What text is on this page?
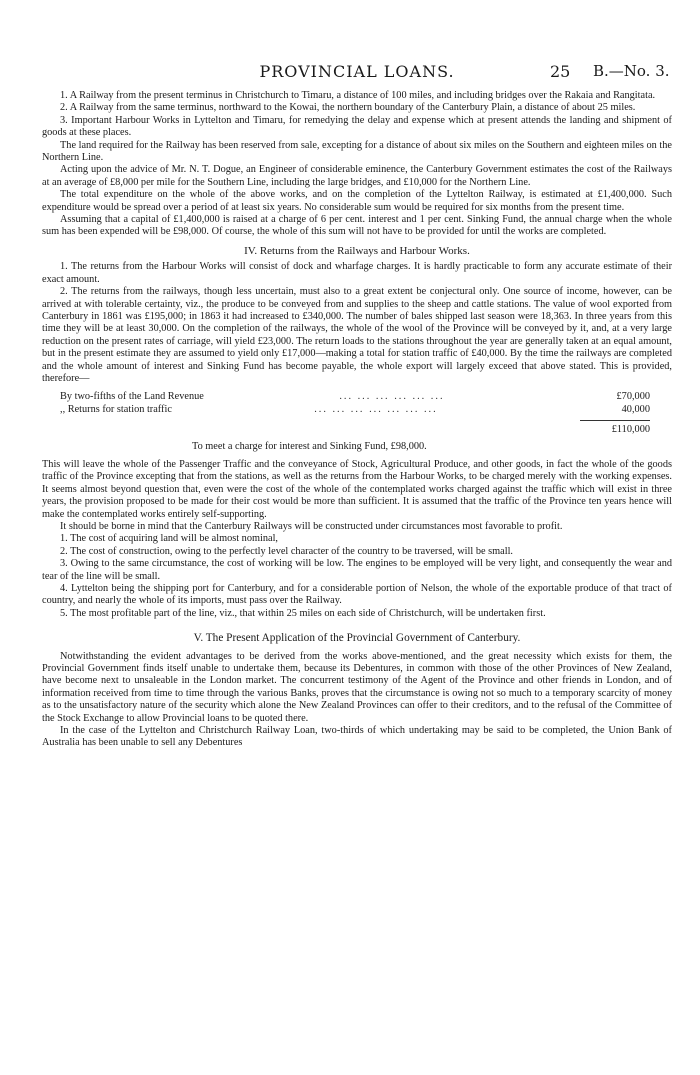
PROVINCIAL LOANS.	25 B.—No. 3.

1. A Railway from the present terminus in Christchurch to Timaru, a distance of 100 miles, and including bridges over the Rakaia and Rangitata.

2. A Railway from the same terminus, northward to the Kowai, the northern boundary of the Canterbury Plain, a distance of about 25 miles.

3. Important Harbour Works in Lyttelton and Timaru, for remedying the delay and expense which at present attends the landing and shipment of goods at these places.

The land required for the Railway has been reserved from sale, excepting for a distance of about six miles on the Southern and eighteen miles on the Northern Line.

Acting upon the advice of Mr. N. T. Dogue, an Engineer of considerable eminence, the Canterbury Government estimates the cost of the Railways at an average of £8,000 per mile for the Southern Line, including the large bridges, and £10,000 for the Northern Line.

The total expenditure on the whole of the above works, and on the completion of the Lyttelton Railway, is estimated at £1,400,000. Such expenditure would be spread over a period of at least six years. No considerable sum would be required for six months from the present time.

Assuming that a capital of £1,400,000 is raised at a charge of 6 per cent. interest and 1 per cent. Sinking Fund, the annual charge when the whole sum has been expended will be £98,000. Of course, the whole of this sum will not have to be provided for until the works are completed.

IV. Returns from the Railways and Harbour Works.

1. The returns from the Harbour Works will consist of dock and wharfage charges. It is hardly practicable to form any accurate estimate of their exact amount.

2. The returns from the railways, though less uncertain, must also to a great extent be conjectural only. One source of income, however, can be arrived at with tolerable certainty, viz., the produce to be conveyed from and supplies to the sheep and cattle stations. The value of wool exported from Canterbury in 1861 was £195,000; in 1863 it had increased to £340,000. The number of bales shipped last season were 18,363. In three years from this time they will be at least 30,000. On the completion of the railways, the whole of the wool of the Province will be conveyed by it, and, at a very large reduction on the present rates of carriage, will yield £23,000. The return loads to the stations throughout the year are generally taken at an equal amount, but in the present estimate they are assumed to yield only £17,000—making a total for station traffic of £40,000. By the time the railways are completed and the whole amount of interest and Sinking Fund has become payable, the whole export will largely exceed that above stated. This is provided, therefore—

By two-fifths of the Land Revenue	... ... ... ... ... ...	£70,000
,, Returns for station traffic	... ... ... ... ... ... ...	40,000
£110,000
To meet a charge for interest and Sinking Fund, £98,000.

This will leave the whole of the Passenger Traffic and the conveyance of Stock, Agricultural Produce, and other goods, in fact the whole of the goods traffic of the Province excepting that from the stations, as well as the returns from the Harbour Works, to be charged merely with the working expenses. It seems almost beyond question that, even were the cost of the whole of the contemplated works charged against the traffic which will exist in three years, the provision proposed to be made for their cost would be more than sufficient. It is assumed that the traffic of the Province ten years hence will make the contemplated works entirely self-supporting.

It should be borne in mind that the Canterbury Railways will be constructed under circumstances most favorable to profit.

1. The cost of acquiring land will be almost nominal,

2. The cost of construction, owing to the perfectly level character of the country to be traversed, will be small.

3. Owing to the same circumstance, the cost of working will be low. The engines to be employed will be very light, and consequently the wear and tear of the line will be small.

4. Lyttelton being the shipping port for Canterbury, and for a considerable portion of Nelson, the whole of the exportable produce of that tract of country, and nearly the whole of its imports, must pass over the Railway.

5. The most profitable part of the line, viz., that within 25 miles on each side of Christchurch, will be undertaken first.

V. The Present Application of the Provincial Government of Canterbury.

Notwithstanding the evident advantages to be derived from the works above-mentioned, and the great necessity which exists for them, the Provincial Government finds itself unable to undertake them, because its Debentures, in common with those of the other Provinces of New Zealand, have become next to unsaleable in the London market. The concurrent testimony of the Agent of the Province and other friends in London, and of information received from time to time through the various Banks, proves that the circumstance is owing not so much to a temporary scarcity of money as to the unsatisfactory nature of the security which alone the New Zealand Provinces can offer to their creditors, and to the refusal of the Committee of the Stock Exchange to allow Provincial loans to be quoted there.

In the case of the Lyttelton and Christchurch Railway Loan, two-thirds of which undertaking may be said to be completed, the Union Bank of Australia has been unable to sell any Debentures
